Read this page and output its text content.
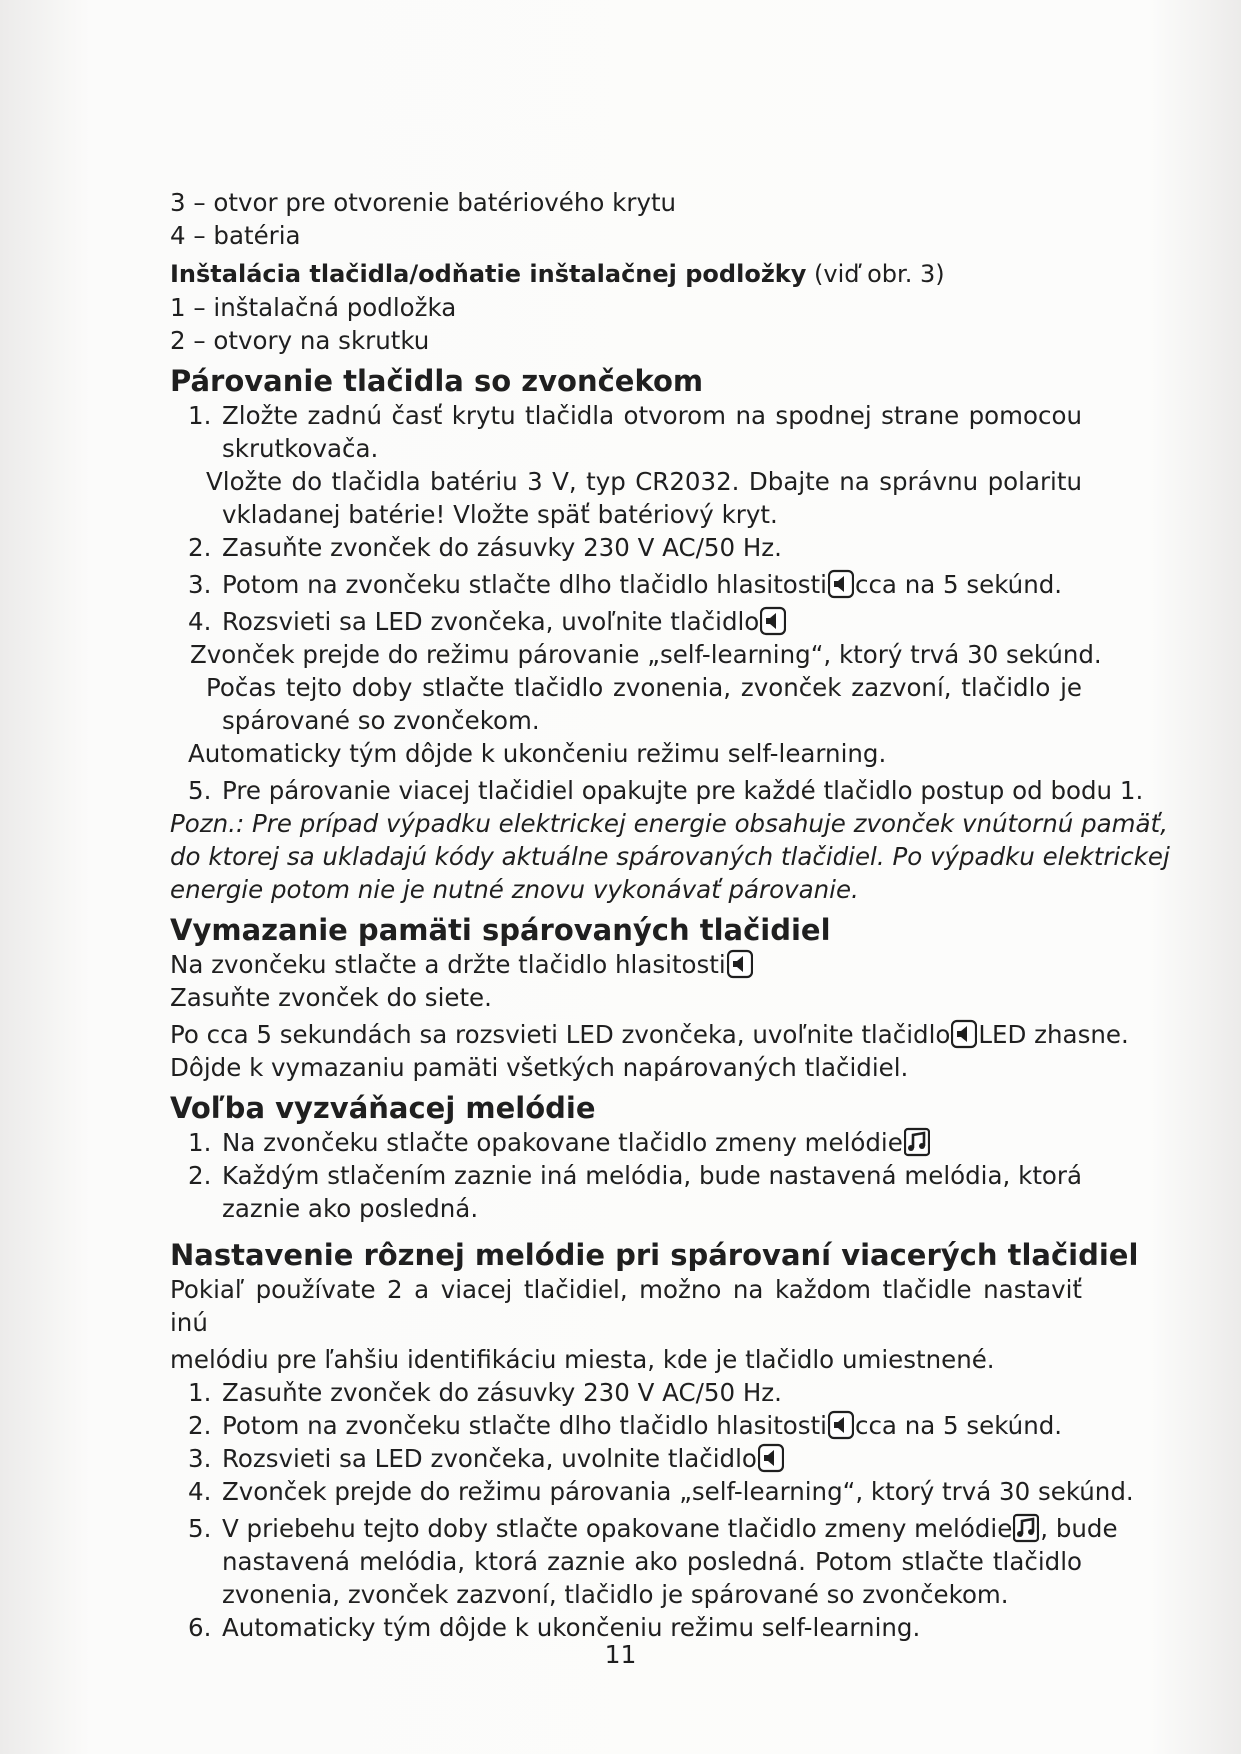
3 – otvor pre otvorenie batériového krytu
4 – batéria
Inštalácia tlačidla/odňatie inštalačnej podložky (viď obr. 3)
1 – inštalačná podložka
2 – otvory na skrutku
Párovanie tlačidla so zvončekom
1. Zložte zadnú časť krytu tlačidla otvorom na spodnej strane pomocou
skrutkovača.
Vložte do tlačidla batériu 3 V, typ CR2032. Dbajte na správnu polaritu
vkladanej batérie! Vložte späť batériový kryt.
2. Zasuňte zvonček do zásuvky 230 V AC/50 Hz.
3. Potom na zvončeku stlačte dlho tlačidlo hlasitosti cca na 5 sekúnd.
4. Rozsvieti sa LED zvončeka, uvoľnite tlačidlo
Zvonček prejde do režimu párovanie „self-learning“, ktorý trvá 30 sekúnd.
Počas tejto doby stlačte tlačidlo zvonenia, zvonček zazvoní, tlačidlo je
spárované so zvončekom.
Automaticky tým dôjde k ukončeniu režimu self-learning.
5. Pre párovanie viacej tlačidiel opakujte pre každé tlačidlo postup od bodu 1.
Pozn.: Pre prípad výpadku elektrickej energie obsahuje zvonček vnútornú pamäť,
do ktorej sa ukladajú kódy aktuálne spárovaných tlačidiel. Po výpadku elektrickej
energie potom nie je nutné znovu vykonávať párovanie.
Vymazanie pamäti spárovaných tlačidiel
Na zvončeku stlačte a držte tlačidlo hlasitosti
Zasuňte zvonček do siete.
Po cca 5 sekundách sa rozsvieti LED zvončeka, uvoľnite tlačidlo LED zhasne.
Dôjde k vymazaniu pamäti všetkých napárovaných tlačidiel.
Voľba vyzváňacej melódie
1. Na zvončeku stlačte opakovane tlačidlo zmeny melódie
2. Každým stlačením zaznie iná melódia, bude nastavená melódia, ktorá
zaznie ako posledná.
Nastavenie rôznej melódie pri spárovaní viacerých tlačidiel
Pokiaľ používate 2 a viacej tlačidiel, možno na každom tlačidle nastaviť inú
melódiu pre ľahšiu identifikáciu miesta, kde je tlačidlo umiestnené.
1. Zasuňte zvonček do zásuvky 230 V AC/50 Hz.
2. Potom na zvončeku stlačte dlho tlačidlo hlasitosti cca na 5 sekúnd.
3. Rozsvieti sa LED zvončeka, uvolnite tlačidlo
4. Zvonček prejde do režimu párovania „self-learning“, ktorý trvá 30 sekúnd.
5. V priebehu tejto doby stlačte opakovane tlačidlo zmeny melódie , bude
nastavená melódia, ktorá zaznie ako posledná. Potom stlačte tlačidlo
zvonenia, zvonček zazvoní, tlačidlo je spárované so zvončekom.
6. Automaticky tým dôjde k ukončeniu režimu self-learning.
11
